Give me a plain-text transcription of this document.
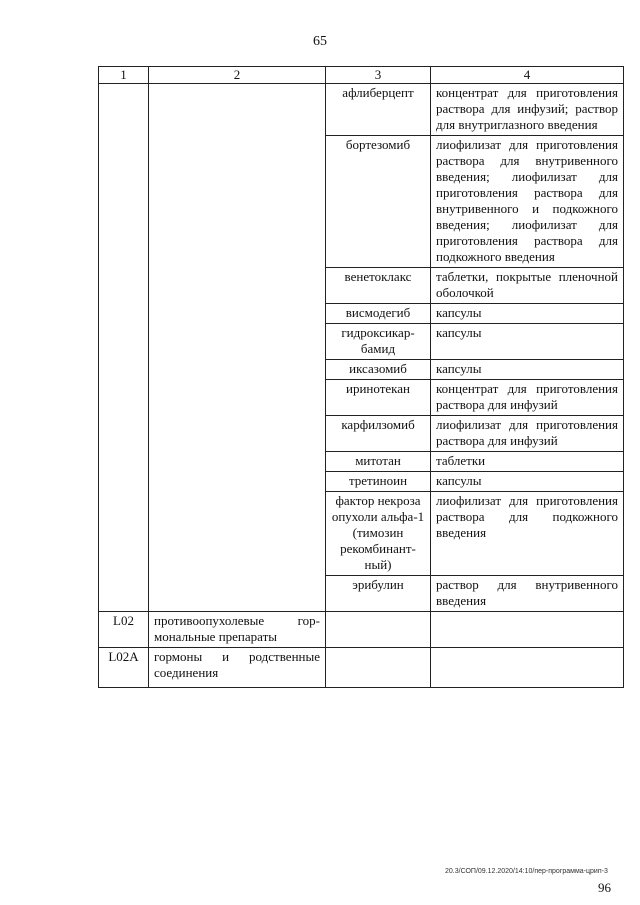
65
1	2	3	4
		афлиберцепт	концентрат для приготовления раствора для инфузий; раствор для внутриглазного введения
		бортезомиб	лиофилизат для приготовления раствора для внутривенного введения; лиофилизат для приготовления раствора для внутривенного и подкожного введения; лиофилизат для приготовления раствора для подкожного введения
		венетоклакс	таблетки, покрытые пленочной оболочкой
		висмодегиб	капсулы
		гидроксикарбамид	капсулы
		иксазомиб	капсулы
		иринотекан	концентрат для приготовления раствора для инфузий
		карфилзомиб	лиофилизат для приготовления раствора для инфузий
		митотан	таблетки
		третиноин	капсулы
		фактор некроза опухоли альфа-1 (тимозин рекомбинантный)	лиофилизат для приготовления раствора для подкожного введения
		эрибулин	раствор для внутривенного введения
L02	противоопухолевые гормональные препараты		
L02A	гормоны и родственные соединения		
20.3/СОП/09.12.2020/14:10/пер-программа-црип-3
96
